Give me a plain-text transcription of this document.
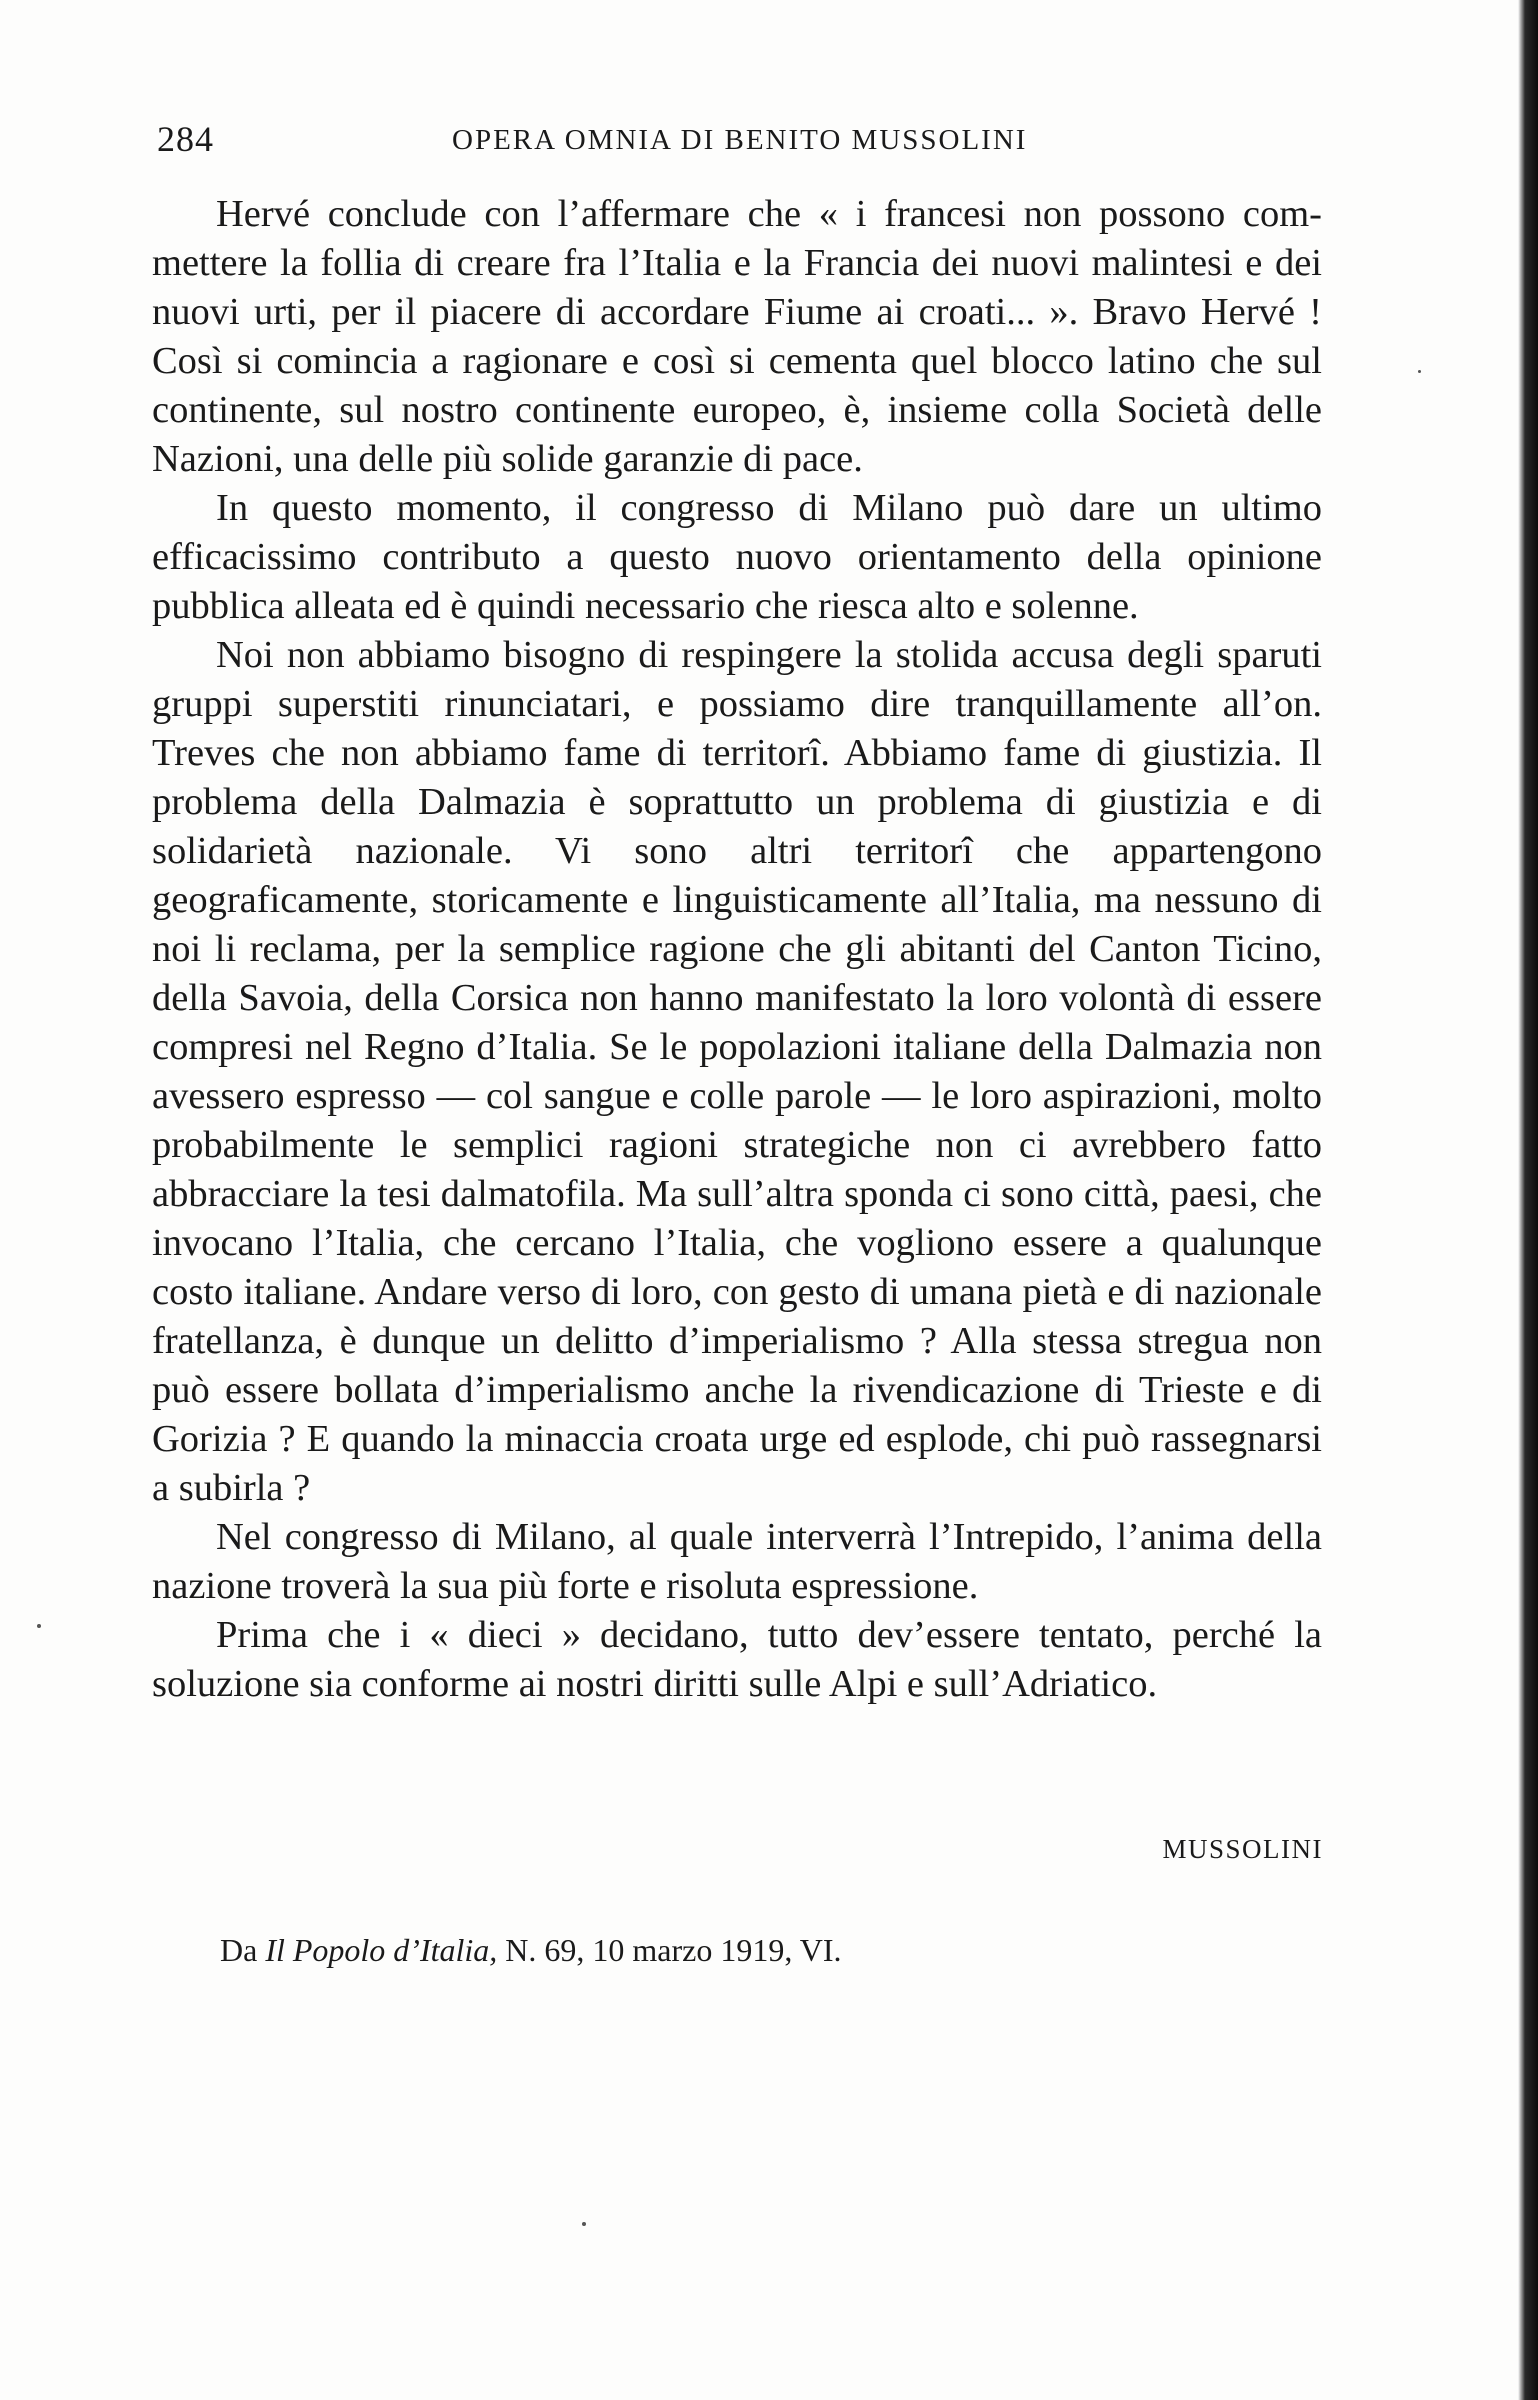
284	OPERA OMNIA DI BENITO MUSSOLINI

Hervé conclude con l’affermare che « i francesi non possono commettere la follia di creare fra l’Italia e la Francia dei nuovi malintesi e dei nuovi urti, per il piacere di accordare Fiume ai croati... ». Bravo Hervé ! Così si comincia a ragionare e così si cementa quel blocco latino che sul continente, sul nostro continente europeo, è, insieme colla Società delle Nazioni, una delle più solide garanzie di pace.

In questo momento, il congresso di Milano può dare un ultimo efficacissimo contributo a questo nuovo orientamento della opinione pubblica alleata ed è quindi necessario che riesca alto e solenne.

Noi non abbiamo bisogno di respingere la stolida accusa degli sparuti gruppi superstiti rinunciatari, e possiamo dire tranquillamente all’on. Treves che non abbiamo fame di territorî. Abbiamo fame di giustizia. Il problema della Dalmazia è soprattutto un problema di giustizia e di solidarietà nazionale. Vi sono altri territorî che appartengono geograficamente, storicamente e linguisticamente all’Italia, ma nessuno di noi li reclama, per la semplice ragione che gli abitanti del Canton Ticino, della Savoia, della Corsica non hanno manifestato la loro volontà di essere compresi nel Regno d’Italia. Se le popolazioni italiane della Dalmazia non avessero espresso — col sangue e colle parole — le loro aspirazioni, molto probabilmente le semplici ragioni strategiche non ci avrebbero fatto abbracciare la tesi dalmatofila. Ma sull’altra sponda ci sono città, paesi, che invocano l’Italia, che cercano l’Italia, che vogliono essere a qualunque costo italiane. Andare verso di loro, con gesto di umana pietà e di nazionale fratellanza, è dunque un delitto d’imperialismo ? Alla stessa stregua non può essere bollata d’imperialismo anche la rivendicazione di Trieste e di Gorizia ? E quando la minaccia croata urge ed esplode, chi può rassegnarsi a subirla ?

Nel congresso di Milano, al quale interverrà l’Intrepido, l’anima della nazione troverà la sua più forte e risoluta espressione.

Prima che i « dieci » decidano, tutto dev’essere tentato, perché la soluzione sia conforme ai nostri diritti sulle Alpi e sull’Adriatico.

MUSSOLINI
Da Il Popolo d’Italia, N. 69, 10 marzo 1919, VI.
